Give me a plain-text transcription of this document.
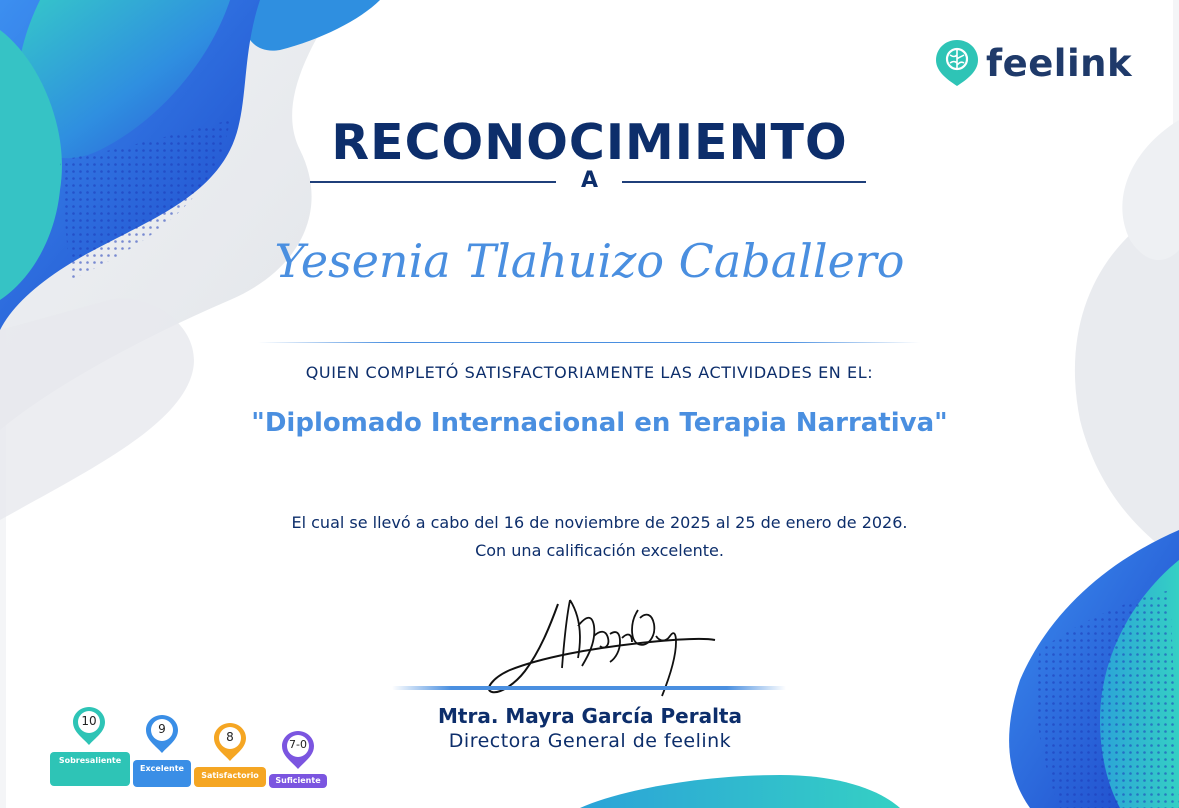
feelink
RECONOCIMIENTO
A
Yesenia Tlahuizo Caballero
QUIEN COMPLETÓ SATISFACTORIAMENTE LAS ACTIVIDADES EN EL:
"Diplomado Internacional en Terapia Narrativa"
El cual se llevó a cabo del 16 de noviembre de 2025 al 25 de enero de 2026.
Con una calificación excelente.
Mtra. Mayra García Peralta
Directora General de feelink
10
Sobresaliente
9
Excelente
8
Satisfactorio
7-0
Suficiente
